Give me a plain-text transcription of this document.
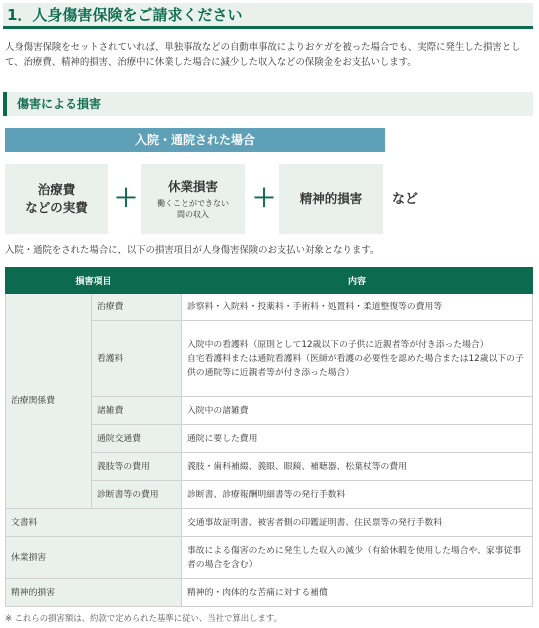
1．人身傷害保険をご請求ください

人身傷害保険をセットされていれば、単独事故などの自動車事故によりおケガを被った場合でも、実際に発生した損害として、治療費、精神的損害、治療中に休業した場合に減少した収入などの保険金をお支払いします。

傷害による損害
入院・通院された場合
治療費
などの実費 ＋ 休業損害
働くことができない
間の収入
＋ 精神的損害 など

入院・通院をされた場合に、以下の損害項目が人身傷害保険のお支払い対象となります。

損害項目		内容
治療関係費	治療費	診察料・入院料・投薬料・手術料・処置料・柔道整復等の費用等
	看護料	入院中の看護料（原則として12歳以下の子供に近親者等が付き添った場合）
自宅看護料または通院看護料（医師が看護の必要性を認めた場合または12歳以下の子供の通院等に近親者等が付き添った場合）

	諸雑費	入院中の諸雑費
	通院交通費	通院に要した費用
	義肢等の費用	義肢・歯科補綴、義眼、眼鏡、補聴器、松葉杖等の費用
	診断書等の費用	診断書、診療報酬明細書等の発行手数料
文書料		交通事故証明書、被害者側の印鑑証明書、住民票等の発行手数料
休業損害		事故による傷害のために発生した収入の減少（有給休暇を使用した場合や、家事従事者の場合を含む）
精神的損害		精神的・肉体的な苦痛に対する補償

※ これらの損害額は、約款で定められた基準に従い、当社で算出します。
